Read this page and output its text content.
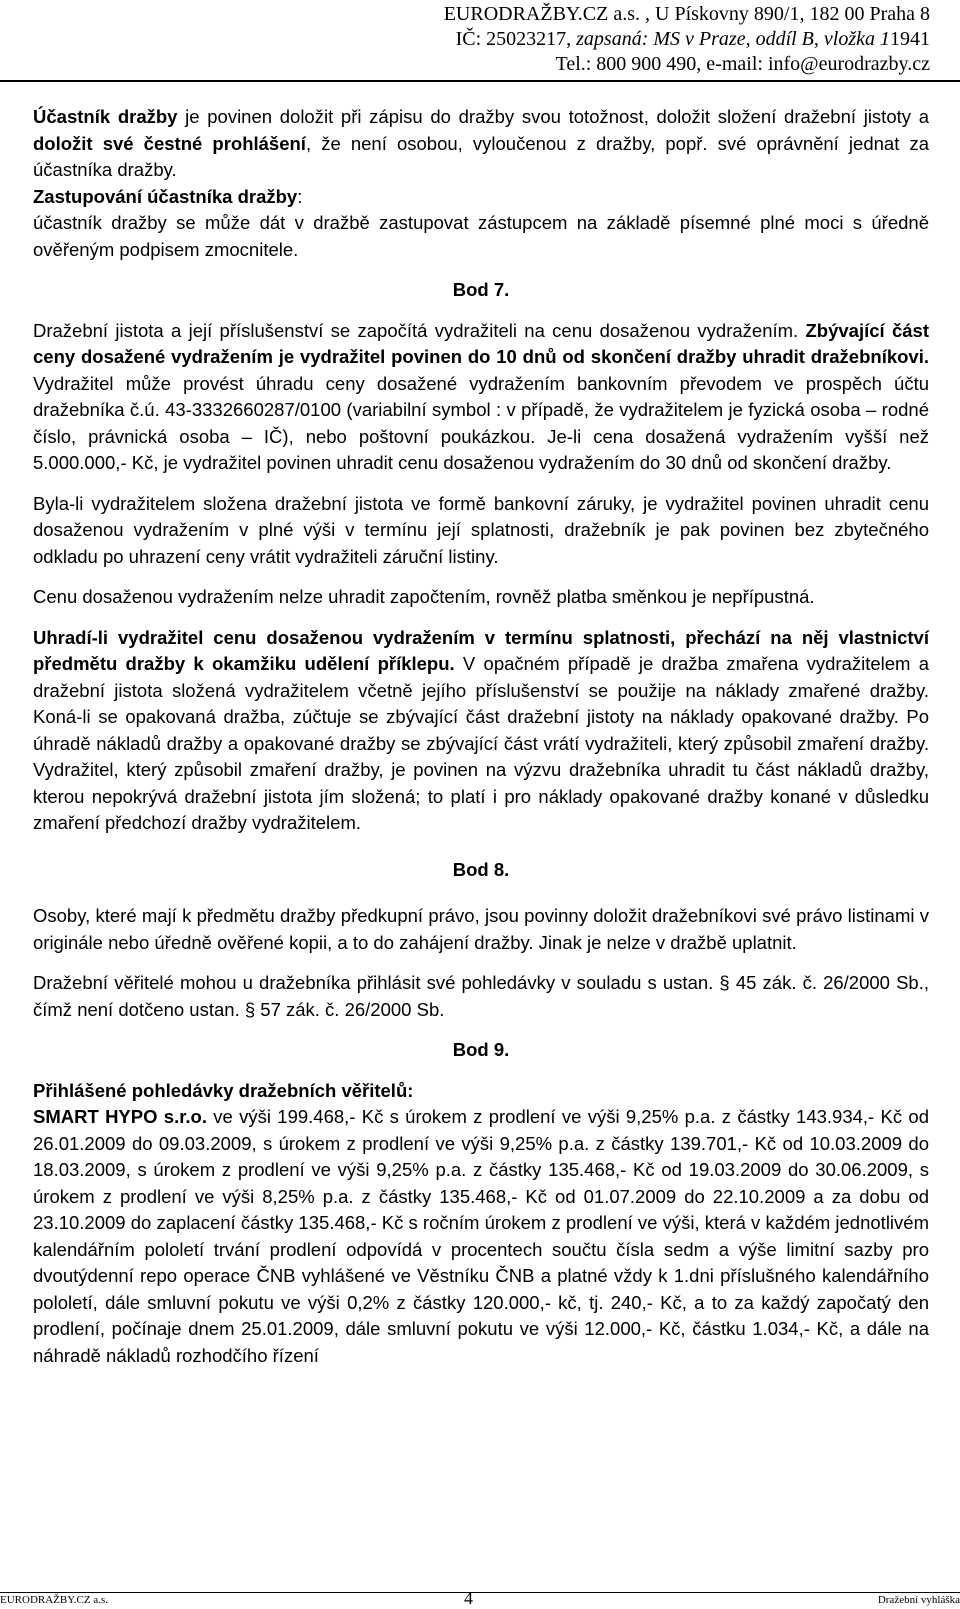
EURODRAŽBY.CZ a.s. , U Pískovny 890/1, 182 00 Praha 8
IČ: 25023217, zapsaná: MS v Praze, oddíl B, vložka 11941
Tel.: 800 900 490, e-mail: info@eurodrazby.cz

Účastník dražby je povinen doložit při zápisu do dražby svou totožnost, doložit složení dražební jistoty a doložit své čestné prohlášení, že není osobou, vyloučenou z dražby, popř. své oprávnění jednat za účastníka dražby.

Zastupování účastníka dražby:

účastník dražby se může dát v dražbě zastupovat zástupcem na základě písemné plné moci s úředně ověřeným podpisem zmocnitele.

Bod 7.

Dražební jistota a její příslušenství se započítá vydražiteli na cenu dosaženou vydražením. Zbývající část ceny dosažené vydražením je vydražitel povinen do 10 dnů od skončení dražby uhradit dražebníkovi. Vydražitel může provést úhradu ceny dosažené vydražením bankovním převodem ve prospěch účtu dražebníka č.ú. 43-3332660287/0100 (variabilní symbol : v případě, že vydražitelem je fyzická osoba – rodné číslo, právnická osoba – IČ), nebo poštovní poukázkou. Je-li cena dosažená vydražením vyšší než 5.000.000,- Kč, je vydražitel povinen uhradit cenu dosaženou vydražením do 30 dnů od skončení dražby.

Byla-li vydražitelem složena dražební jistota ve formě bankovní záruky, je vydražitel povinen uhradit cenu dosaženou vydražením v plné výši v termínu její splatnosti, dražebník je pak povinen bez zbytečného odkladu po uhrazení ceny vrátit vydražiteli záruční listiny.

Cenu dosaženou vydražením nelze uhradit započtením, rovněž platba směnkou je nepřípustná.

Uhradí-li vydražitel cenu dosaženou vydražením v termínu splatnosti, přechází na něj vlastnictví předmětu dražby k okamžiku udělení příklepu. V opačném případě je dražba zmařena vydražitelem a dražební jistota složená vydražitelem včetně jejího příslušenství se použije na náklady zmařené dražby. Koná-li se opakovaná dražba, zúčtuje se zbývající část dražební jistoty na náklady opakované dražby. Po úhradě nákladů dražby a opakované dražby se zbývající část vrátí vydražiteli, který způsobil zmaření dražby. Vydražitel, který způsobil zmaření dražby, je povinen na výzvu dražebníka uhradit tu část nákladů dražby, kterou nepokrývá dražební jistota jím složená; to platí i pro náklady opakované dražby konané v důsledku zmaření předchozí dražby vydražitelem.

Bod 8.

Osoby, které mají k předmětu dražby předkupní právo, jsou povinny doložit dražebníkovi své právo listinami v originále nebo úředně ověřené kopii, a to do zahájení dražby. Jinak je nelze v dražbě uplatnit.

Dražební věřitelé mohou u dražebníka přihlásit své pohledávky v souladu s ustan. § 45 zák. č. 26/2000 Sb., čímž není dotčeno ustan. § 57 zák. č. 26/2000 Sb.

Bod 9.

Přihlášené pohledávky dražebních věřitelů:

SMART HYPO s.r.o. ve výši 199.468,- Kč s úrokem z prodlení ve výši 9,25% p.a. z částky 143.934,- Kč od 26.01.2009 do 09.03.2009, s úrokem z prodlení ve výši 9,25% p.a. z částky 139.701,- Kč od 10.03.2009 do 18.03.2009, s úrokem z prodlení ve výši 9,25% p.a. z částky 135.468,- Kč od 19.03.2009 do 30.06.2009, s úrokem z prodlení ve výši 8,25% p.a. z částky 135.468,- Kč od 01.07.2009 do 22.10.2009 a za dobu od 23.10.2009 do zaplacení částky 135.468,- Kč s ročním úrokem z prodlení ve výši, která v každém jednotlivém kalendářním pololetí trvání prodlení odpovídá v procentech součtu čísla sedm a výše limitní sazby pro dvoutýdenní repo operace ČNB vyhlášené ve Věstníku ČNB a platné vždy k 1.dni příslušného kalendářního pololetí, dále smluvní pokutu ve výši 0,2% z částky 120.000,- kč, tj. 240,- Kč, a to za každý započatý den prodlení, počínaje dnem 25.01.2009, dále smluvní pokutu ve výši 12.000,- Kč, částku 1.034,- Kč, a dále na náhradě nákladů rozhodčího řízení

EURODRAŽBY.CZ a.s.	4	Dražební vyhláška
